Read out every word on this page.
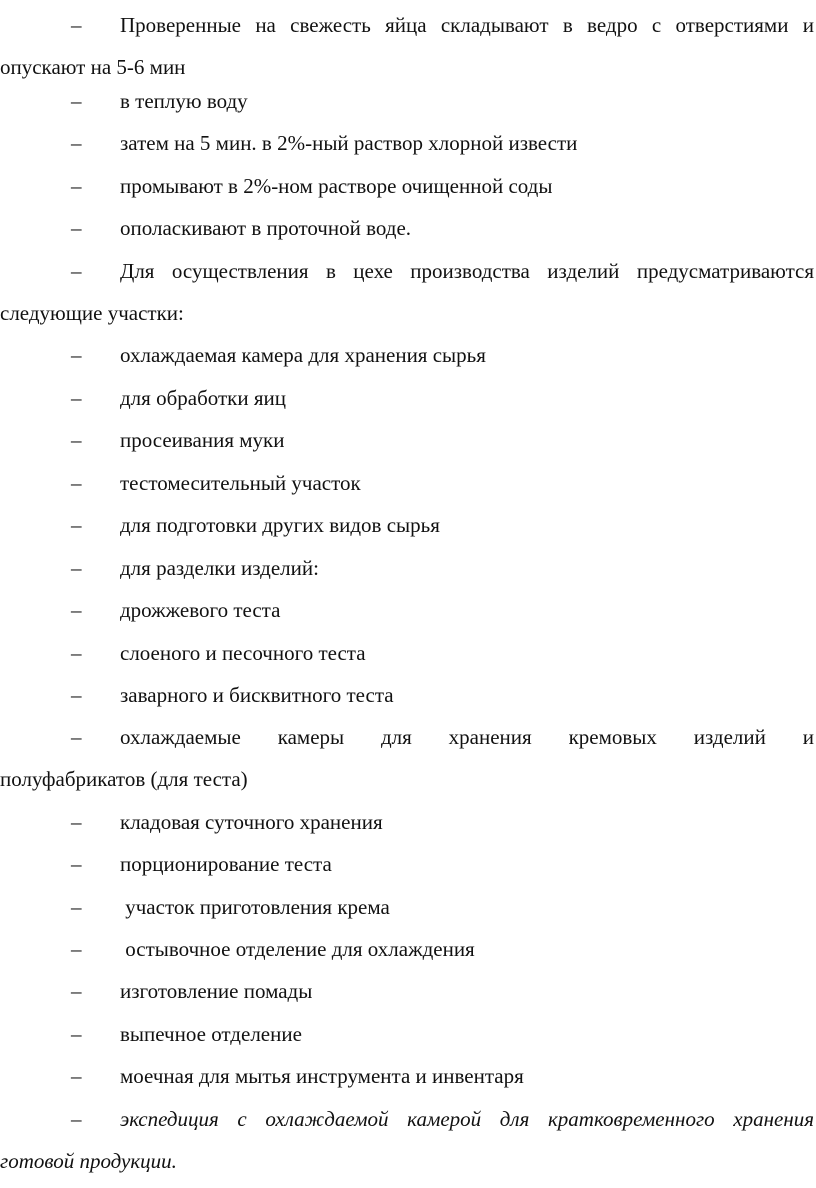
–	Проверенные на свежесть яйца складывают в ведро с отверстиями и
опускают на 5-6 мин
–	в теплую воду
–	затем на 5 мин. в 2%-ный раствор хлорной извести
–	промывают в 2%-ном растворе очищенной соды
–	ополаскивают в проточной воде.
–	Для осуществления в цехе производства изделий предусматриваются
следующие участки:
–	охлаждаемая камера для хранения сырья
–	для обработки яиц
–	просеивания муки
–	тестомесительный участок
–	для подготовки других видов сырья
–	для разделки изделий:
–	дрожжевого теста
–	слоеного и песочного теста
–	заварного и бисквитного теста
–	охлаждаемые камеры для хранения кремовых изделий и
полуфабрикатов (для теста)
–	кладовая суточного хранения
–	порционирование теста
–	участок приготовления крема
–	остывочное отделение для охлаждения
–	изготовление помады
–	выпечное отделение
–	моечная для мытья инструмента и инвентаря
–	экспедиция с охлаждаемой камерой для кратковременного хранения
готовой продукции.
